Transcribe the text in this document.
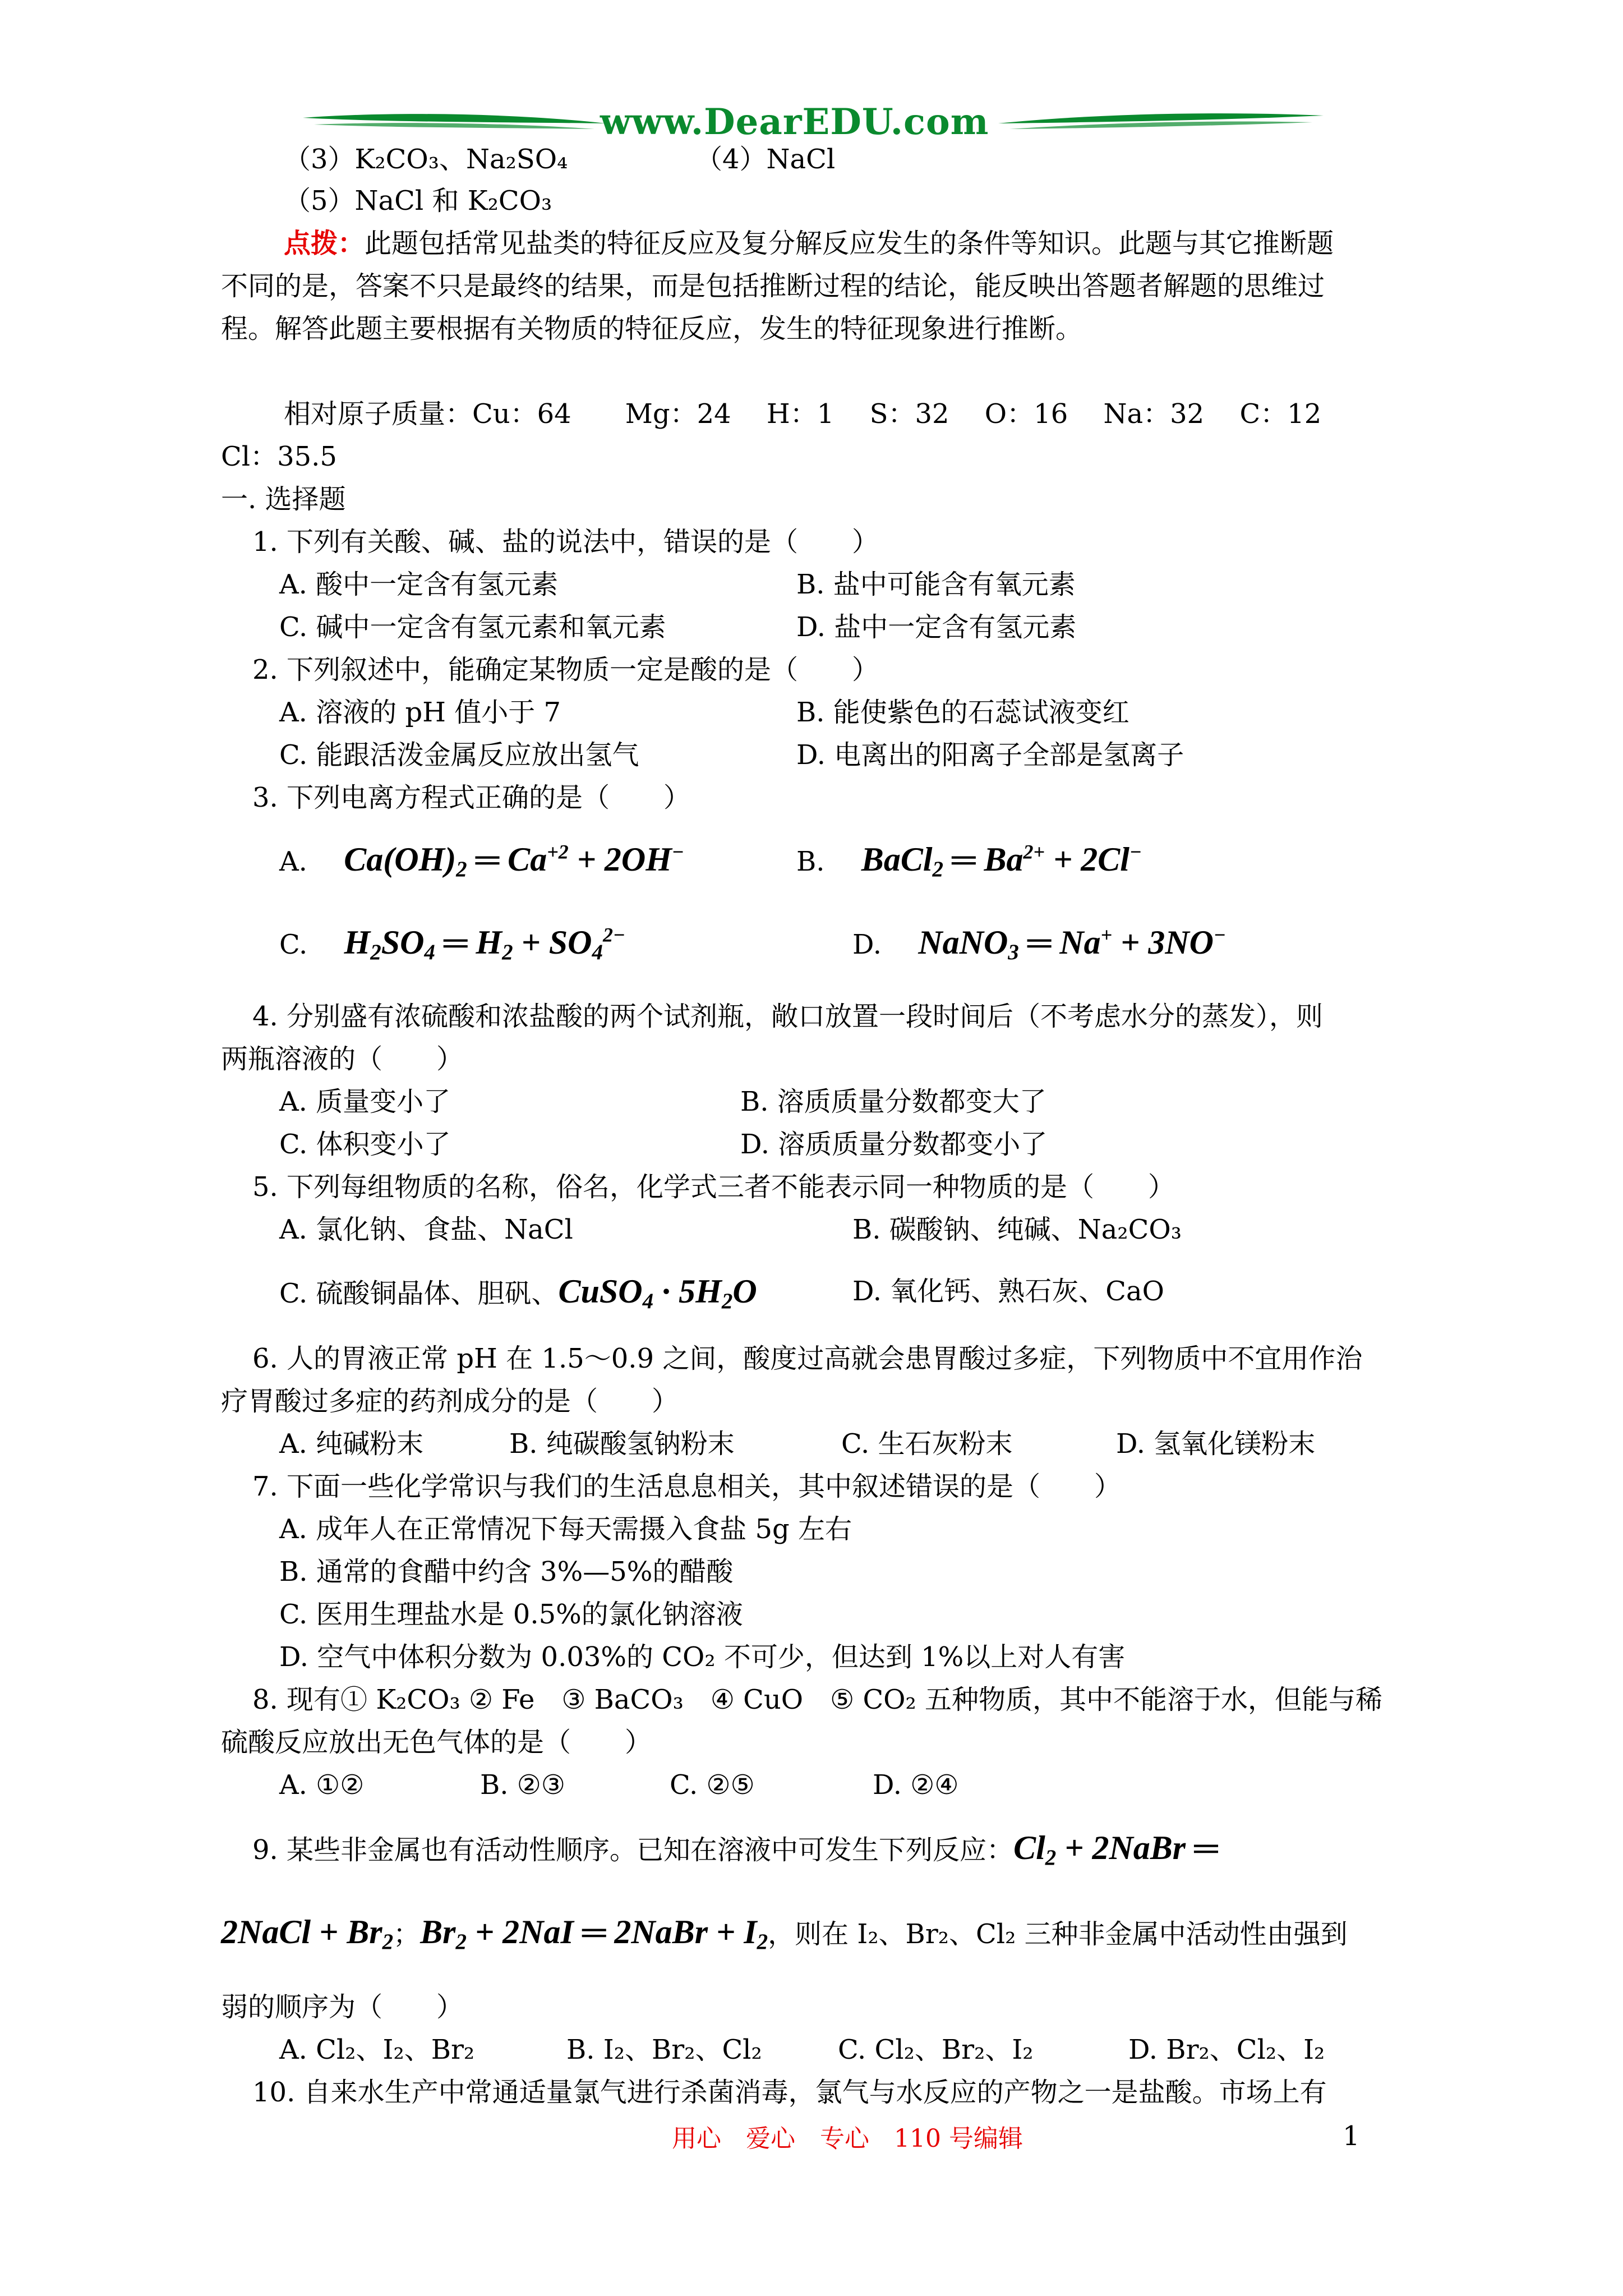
www.DearEDU.com
（3）K₂CO₃、Na₂SO₄	（4）NaCl
（5）NaCl 和 K₂CO₃
点拨：此题包括常见盐类的特征反应及复分解反应发生的条件等知识。此题与其它推断题
不同的是，答案不只是最终的结果，而是包括推断过程的结论，能反映出答题者解题的思维过
程。解答此题主要根据有关物质的特征反应，发生的特征现象进行推断。
相对原子质量：Cu：64　　Mg：24　 H：1　 S：32　 O：16　 Na：32　 C：12
Cl：35.5
一. 选择题
1. 下列有关酸、碱、盐的说法中，错误的是（　　）
A. 酸中一定含有氢元素	B. 盐中可能含有氧元素
C. 碱中一定含有氢元素和氧元素	D. 盐中一定含有氢元素
2. 下列叙述中，能确定某物质一定是酸的是（　　）
A. 溶液的 pH 值小于 7	B. 能使紫色的石蕊试液变红
C. 能跟活泼金属反应放出氢气	D. 电离出的阳离子全部是氢离子
3. 下列电离方程式正确的是（　　）
A. $Ca(OH)_2$ ═ $Ca^{+2} + 2OH^-$	B. BaCl$_2$ ═ $Ba^{2+} + 2Cl^-$
C. $H_2SO_4$ ═ $H_2 + SO_4^{2-}$	D. NaNO$_3$ ═ Na+ + 3NO−
4. 分别盛有浓硫酸和浓盐酸的两个试剂瓶，敞口放置一段时间后（不考虑水分的蒸发），则
两瓶溶液的（　　）
A. 质量变小了	B. 溶质质量分数都变大了
C. 体积变小了	D. 溶质质量分数都变小了
5. 下列每组物质的名称，俗名，化学式三者不能表示同一种物质的是（　　）
A. 氯化钠、食盐、NaCl	B. 碳酸钠、纯碱、Na₂CO₃
C. 硫酸铜晶体、胆矾、CuSO$_4$ · $5H_2O$	D. 氧化钙、熟石灰、CaO
6. 人的胃液正常 pH 在 1.5～0.9 之间，酸度过高就会患胃酸过多症，下列物质中不宜用作治
疗胃酸过多症的药剂成分的是（　　）
A. 纯碱粉末	B. 纯碳酸氢钠粉末	C. 生石灰粉末	D. 氢氧化镁粉末
7. 下面一些化学常识与我们的生活息息相关，其中叙述错误的是（　　）
A. 成年人在正常情况下每天需摄入食盐 5g 左右
B. 通常的食醋中约含 3%—5%的醋酸
C. 医用生理盐水是 0.5%的氯化钠溶液
D. 空气中体积分数为 0.03%的 CO₂ 不可少，但达到 1%以上对人有害
8. 现有① K₂CO₃ ② Fe　③ BaCO₃　④ CuO　⑤ CO₂ 五种物质，其中不能溶于水，但能与稀
硫酸反应放出无色气体的是（　　）
A. ①②	B. ②③	C. ②⑤	D. ②④
9. 某些非金属也有活动性顺序。已知在溶液中可发生下列反应：$Cl_2$ + 2NaBr ═
2NaCl + $Br_2$；$Br_2 + 2NaI$ ═ 2NaBr + $I_2$，则在 I₂、Br₂、Cl₂ 三种非金属中活动性由强到
弱的顺序为（　　）
A. Cl₂、I₂、Br₂	B. I₂、Br₂、Cl₂	C. Cl₂、Br₂、I₂	D. Br₂、Cl₂、I₂
10. 自来水生产中常通适量氯气进行杀菌消毒，氯气与水反应的产物之一是盐酸。市场上有
用心　爱心　专心　110 号编辑	1
